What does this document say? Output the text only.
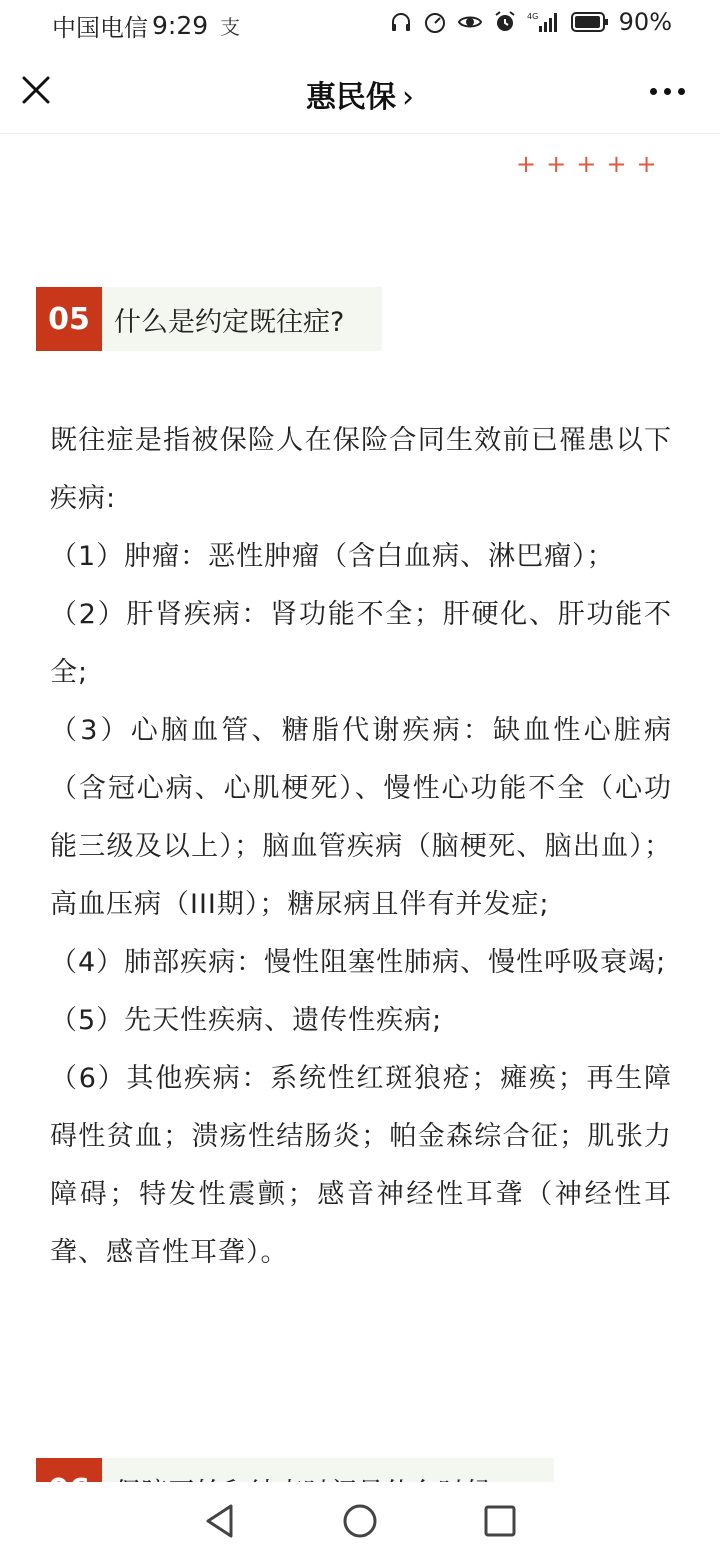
中国电信 9:29 支	4G	90%
惠民保 ›
+++++
05 什么是约定既往症?

既往症是指被保险人在保险合同生效前已罹患以下疾病:

（1）肿瘤：恶性肿瘤（含白血病、淋巴瘤）；

（2）肝肾疾病：肾功能不全；肝硬化、肝功能不全;

（3）心脑血管、糖脂代谢疾病：缺血性心脏病（含冠心病、心肌梗死）、慢性心功能不全（心功能三级及以上）；脑血管疾病（脑梗死、脑出血）；高血压病（III期）；糖尿病且伴有并发症;

（4）肺部疾病：慢性阻塞性肺病、慢性呼吸衰竭;

（5）先天性疾病、遗传性疾病;

（6）其他疾病：系统性红斑狼疮；瘫痪；再生障碍性贫血；溃疡性结肠炎；帕金森综合征；肌张力障碍；特发性震颤；感音神经性耳聋（神经性耳聋、感音性耳聋）。
